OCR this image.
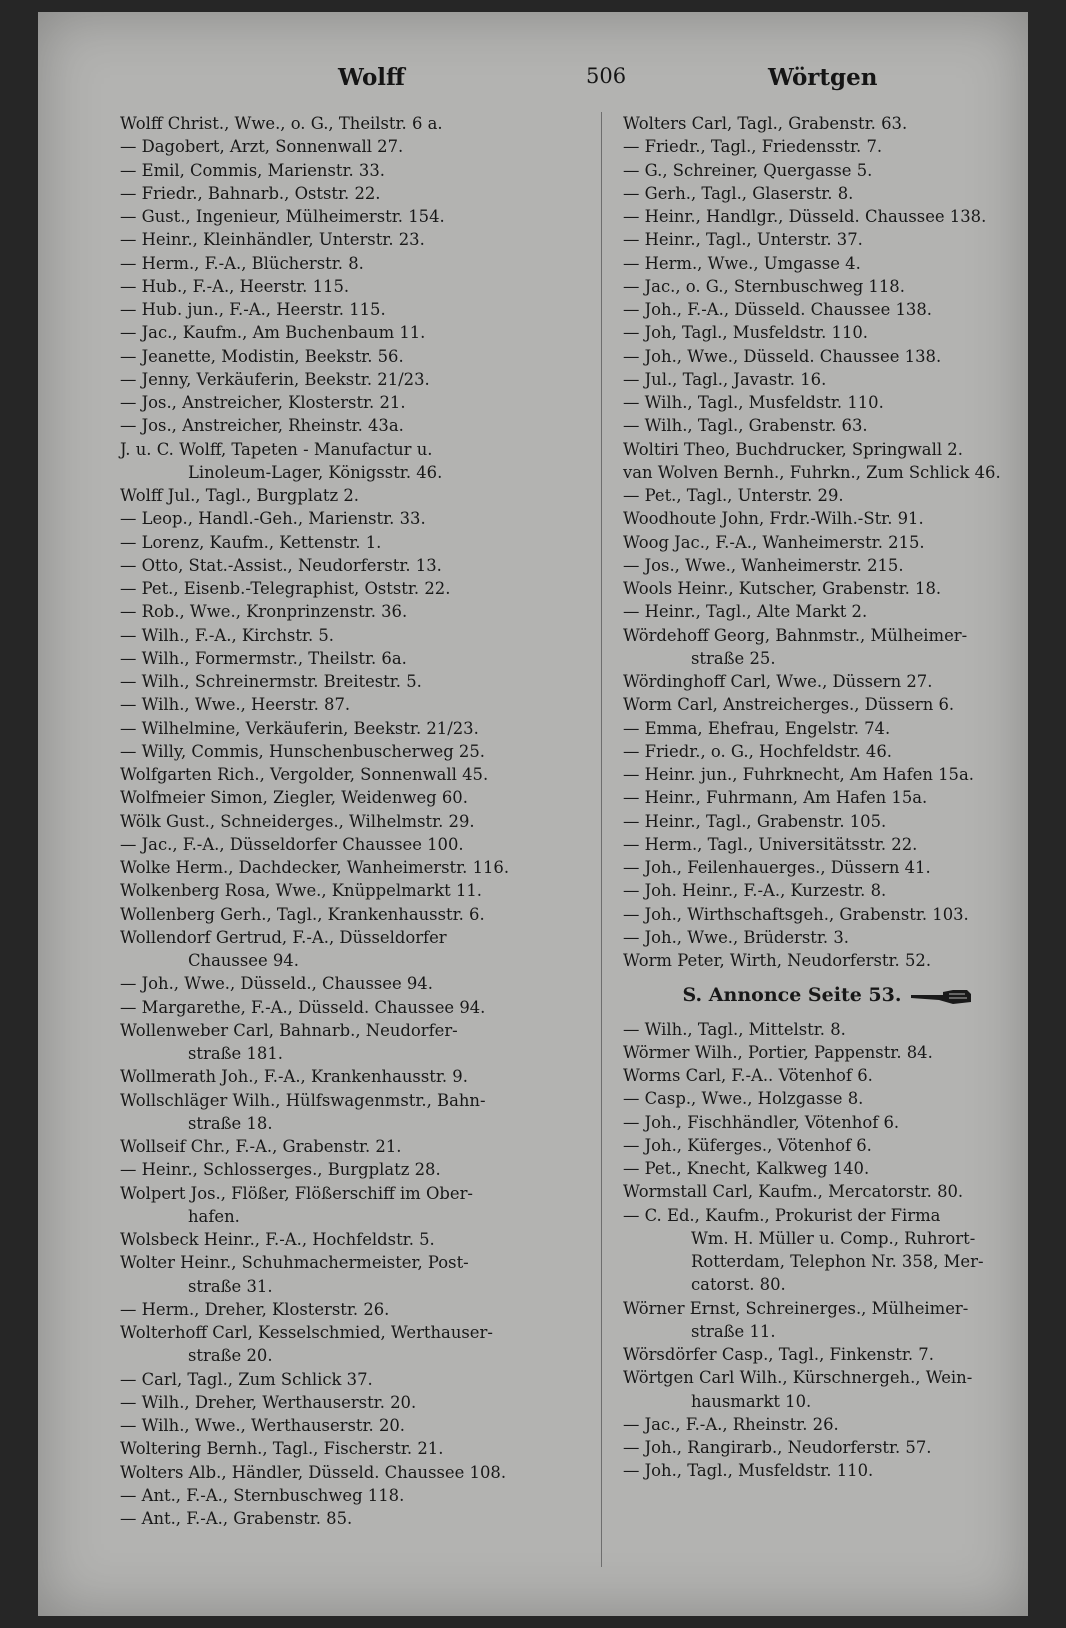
Wolff	506	Wörtgen
Wolff Christ., Wwe., o. G., Theilstr. 6 a.
— Dagobert, Arzt, Sonnenwall 27.
— Emil, Commis, Marienstr. 33.
— Friedr., Bahnarb., Oststr. 22.
— Gust., Ingenieur, Mülheimerstr. 154.
— Heinr., Kleinhändler, Unterstr. 23.
— Herm., F.-A., Blücherstr. 8.
— Hub., F.-A., Heerstr. 115.
— Hub. jun., F.-A., Heerstr. 115.
— Jac., Kaufm., Am Buchenbaum 11.
— Jeanette, Modistin, Beekstr. 56.
— Jenny, Verkäuferin, Beekstr. 21/23.
— Jos., Anstreicher, Klosterstr. 21.
— Jos., Anstreicher, Rheinstr. 43a.
J. u. C. Wolff, Tapeten - Manufactur u.
Linoleum-Lager, Königsstr. 46.
Wolff Jul., Tagl., Burgplatz 2.
— Leop., Handl.-Geh., Marienstr. 33.
— Lorenz, Kaufm., Kettenstr. 1.
— Otto, Stat.-Assist., Neudorferstr. 13.
— Pet., Eisenb.-Telegraphist, Oststr. 22.
— Rob., Wwe., Kronprinzenstr. 36.
— Wilh., F.-A., Kirchstr. 5.
— Wilh., Formermstr., Theilstr. 6a.
— Wilh., Schreinermstr. Breitestr. 5.
— Wilh., Wwe., Heerstr. 87.
— Wilhelmine, Verkäuferin, Beekstr. 21/23.
— Willy, Commis, Hunschenbuscherweg 25.
Wolfgarten Rich., Vergolder, Sonnenwall 45.
Wolfmeier Simon, Ziegler, Weidenweg 60.
Wölk Gust., Schneiderges., Wilhelmstr. 29.
— Jac., F.-A., Düsseldorfer Chaussee 100.
Wolke Herm., Dachdecker, Wanheimerstr. 116.
Wolkenberg Rosa, Wwe., Knüppelmarkt 11.
Wollenberg Gerh., Tagl., Krankenhausstr. 6.
Wollendorf Gertrud, F.-A., Düsseldorfer
Chaussee 94.
— Joh., Wwe., Düsseld., Chaussee 94.
— Margarethe, F.-A., Düsseld. Chaussee 94.
Wollenweber Carl, Bahnarb., Neudorfer-
straße 181.
Wollmerath Joh., F.-A., Krankenhausstr. 9.
Wollschläger Wilh., Hülfswagenmstr., Bahn-
straße 18.
Wollseif Chr., F.-A., Grabenstr. 21.
— Heinr., Schlosserges., Burgplatz 28.
Wolpert Jos., Flößer, Flößerschiff im Ober-
hafen.
Wolsbeck Heinr., F.-A., Hochfeldstr. 5.
Wolter Heinr., Schuhmachermeister, Post-
straße 31.
— Herm., Dreher, Klosterstr. 26.
Wolterhoff Carl, Kesselschmied, Werthauser-
straße 20.
— Carl, Tagl., Zum Schlick 37.
— Wilh., Dreher, Werthauserstr. 20.
— Wilh., Wwe., Werthauserstr. 20.
Woltering Bernh., Tagl., Fischerstr. 21.
Wolters Alb., Händler, Düsseld. Chaussee 108.
— Ant., F.-A., Sternbuschweg 118.
— Ant., F.-A., Grabenstr. 85.
Wolters Carl, Tagl., Grabenstr. 63.
— Friedr., Tagl., Friedensstr. 7.
— G., Schreiner, Quergasse 5.
— Gerh., Tagl., Glaserstr. 8.
— Heinr., Handlgr., Düsseld. Chaussee 138.
— Heinr., Tagl., Unterstr. 37.
— Herm., Wwe., Umgasse 4.
— Jac., o. G., Sternbuschweg 118.
— Joh., F.-A., Düsseld. Chaussee 138.
— Joh, Tagl., Musfeldstr. 110.
— Joh., Wwe., Düsseld. Chaussee 138.
— Jul., Tagl., Javastr. 16.
— Wilh., Tagl., Musfeldstr. 110.
— Wilh., Tagl., Grabenstr. 63.
Woltiri Theo, Buchdrucker, Springwall 2.
van Wolven Bernh., Fuhrkn., Zum Schlick 46.
— Pet., Tagl., Unterstr. 29.
Woodhoute John, Frdr.-Wilh.-Str. 91.
Woog Jac., F.-A., Wanheimerstr. 215.
— Jos., Wwe., Wanheimerstr. 215.
Wools Heinr., Kutscher, Grabenstr. 18.
— Heinr., Tagl., Alte Markt 2.
Wördehoff Georg, Bahnmstr., Mülheimer-
straße 25.
Wördinghoff Carl, Wwe., Düssern 27.
Worm Carl, Anstreicherges., Düssern 6.
— Emma, Ehefrau, Engelstr. 74.
— Friedr., o. G., Hochfeldstr. 46.
— Heinr. jun., Fuhrknecht, Am Hafen 15a.
— Heinr., Fuhrmann, Am Hafen 15a.
— Heinr., Tagl., Grabenstr. 105.
— Herm., Tagl., Universitätsstr. 22.
— Joh., Feilenhauerges., Düssern 41.
— Joh. Heinr., F.-A., Kurzestr. 8.
— Joh., Wirthschaftsgeh., Grabenstr. 103.
— Joh., Wwe., Brüderstr. 3.
Worm Peter, Wirth, Neudorferstr. 52.
S. Annonce Seite 53.
— Wilh., Tagl., Mittelstr. 8.
Wörmer Wilh., Portier, Pappenstr. 84.
Worms Carl, F.-A.. Vötenhof 6.
— Casp., Wwe., Holzgasse 8.
— Joh., Fischhändler, Vötenhof 6.
— Joh., Küferges., Vötenhof 6.
— Pet., Knecht, Kalkweg 140.
Wormstall Carl, Kaufm., Mercatorstr. 80.
— C. Ed., Kaufm., Prokurist der Firma
Wm. H. Müller u. Comp., Ruhrort-
Rotterdam, Telephon Nr. 358, Mer-
catorst. 80.
Wörner Ernst, Schreinerges., Mülheimer-
straße 11.
Wörsdörfer Casp., Tagl., Finkenstr. 7.
Wörtgen Carl Wilh., Kürschnergeh., Wein-
hausmarkt 10.
— Jac., F.-A., Rheinstr. 26.
— Joh., Rangirarb., Neudorferstr. 57.
— Joh., Tagl., Musfeldstr. 110.
